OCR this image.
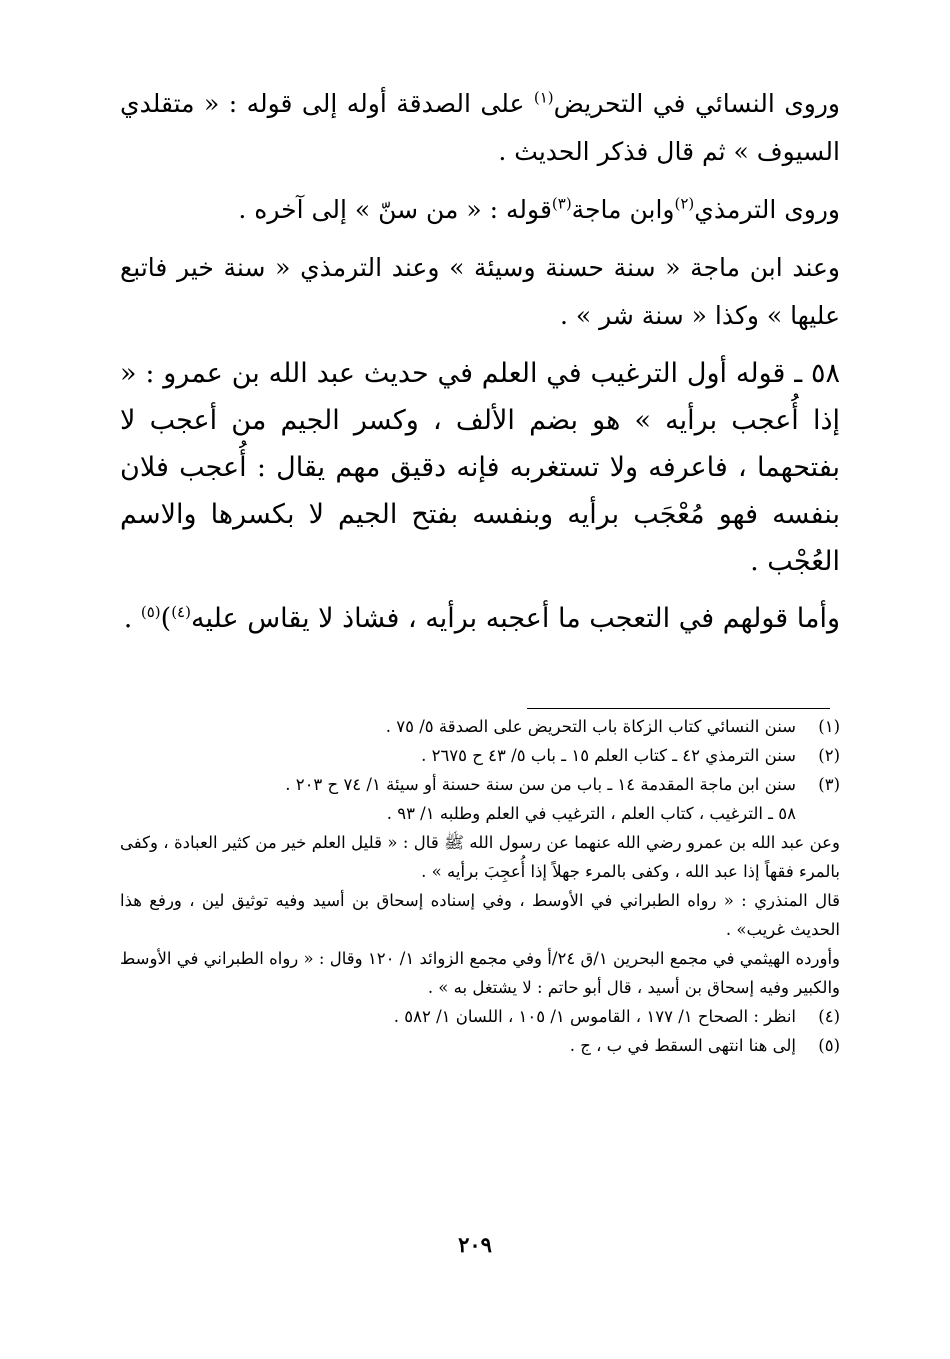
وروى النسائي في التحريض$^{(١)}$ على الصدقة أوله إلى قوله : « متقلدي السيوف » ثم قال فذكر الحديث .

وروى الترمذي$^{(٢)}$وابن ماجة$^{(٣)}$قوله : « من سنّ » إلى آخره .

وعند ابن ماجة « سنة حسنة وسيئة » وعند الترمذي « سنة خير فاتبع عليها » وكذا « سنة شر » .

٥٨ ـ قوله أول الترغيب في العلم في حديث عبد الله بن عمرو : « إذا أُعجب برأيه » هو بضم الألف ، وكسر الجيم من أعجب لا بفتحهما ، فاعرفه ولا تستغربه فإنه دقيق مهم يقال : أُعجب فلان بنفسه فهو مُعْجَب برأيه وبنفسه بفتح الجيم لا بكسرها والاسم العُجْب .

وأما قولهم في التعجب ما أعجبه برأيه ، فشاذ لا يقاس عليه$^{(٤)}$)$^{(٥)}$ .

(١)
سنن النسائي كتاب الزكاة باب التحريض على الصدقة ٥/ ٧٥ .
(٢)
سنن الترمذي ٤٢ ـ كتاب العلم ١٥ ـ باب ٥/ ٤٣ ح ٢٦٧٥ .
(٣)
سنن ابن ماجة المقدمة ١٤ ـ باب من سن سنة حسنة أو سيئة ١/ ٧٤ ح ٢٠٣ .

٥٨ ـ الترغيب ، كتاب العلم ، الترغيب في العلم وطلبه ١/ ٩٣ .

وعن عبد الله بن عمرو رضي الله عنهما عن رسول الله ﷺ قال : « قليل العلم خير من كثير العبادة ، وكفى بالمرء فقهاً إذا عبد الله ، وكفى بالمرء جهلاً إذا أُعجِبَ برأيه » .

قال المنذري : « رواه الطبراني في الأوسط ، وفي إسناده إسحاق بن أسيد وفيه توثيق لين ، ورفع هذا الحديث غريب» .

وأورده الهيثمي في مجمع البحرين ١/ق ٢٤/أ وفي مجمع الزوائد ١/ ١٢٠ وقال : « رواه الطبراني في الأوسط والكبير وفيه إسحاق بن أسيد ، قال أبو حاتم : لا يشتغل به » .

(٤)
انظر : الصحاح ١/ ١٧٧ ، القاموس ١/ ١٠٥ ، اللسان ١/ ٥٨٢ .
(٥)
إلى هنا انتهى السقط في ب ، ج .
٢٠٩
